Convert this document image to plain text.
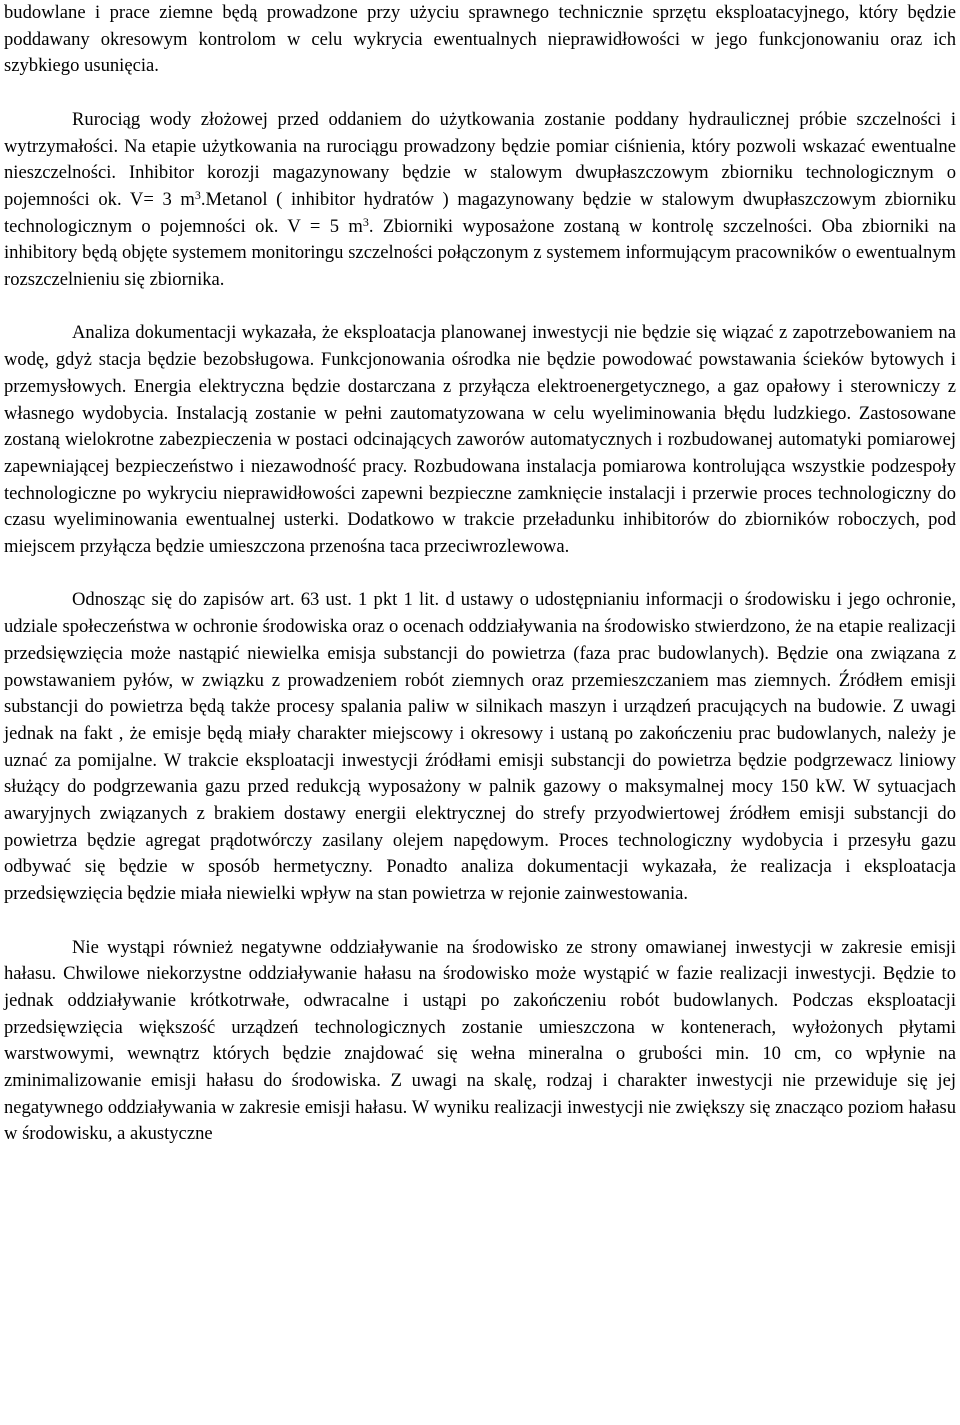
budowlane i prace ziemne będą prowadzone przy użyciu sprawnego technicznie sprzętu eksploatacyjnego, który będzie poddawany okresowym kontrolom w celu wykrycia ewentualnych nieprawidłowości w jego funkcjonowaniu oraz ich szybkiego usunięcia.

Rurociąg wody złożowej przed oddaniem do użytkowania zostanie poddany hydraulicznej próbie szczelności i wytrzymałości. Na etapie użytkowania na rurociągu prowadzony będzie pomiar ciśnienia, który pozwoli wskazać ewentualne nieszczelności. Inhibitor korozji magazynowany będzie w stalowym dwupłaszczowym zbiorniku technologicznym o pojemności ok. V= 3 $m^3.Metanol$ ( inhibitor hydratów ) magazynowany będzie w stalowym dwupłaszczowym zbiorniku technologicznym o pojemności ok. V = 5 $m^3$. Zbiorniki wyposażone zostaną w kontrolę szczelności. Oba zbiorniki na inhibitory będą objęte systemem monitoringu szczelności połączonym z systemem informującym pracowników o ewentualnym rozszczelnieniu się zbiornika.

Analiza dokumentacji wykazała, że eksploatacja planowanej inwestycji nie będzie się wiązać z zapotrzebowaniem na wodę, gdyż stacja będzie bezobsługowa. Funkcjonowania ośrodka nie będzie powodować powstawania ścieków bytowych i przemysłowych. Energia elektryczna będzie dostarczana z przyłącza elektroenergetycznego, a gaz opałowy i sterowniczy z własnego wydobycia. Instalacją zostanie w pełni zautomatyzowana w celu wyeliminowania błędu ludzkiego. Zastosowane zostaną wielokrotne zabezpieczenia w postaci odcinających zaworów automatycznych i rozbudowanej automatyki pomiarowej zapewniającej bezpieczeństwo i niezawodność pracy. Rozbudowana instalacja pomiarowa kontrolująca wszystkie podzespoły technologiczne po wykryciu nieprawidłowości zapewni bezpieczne zamknięcie instalacji i przerwie proces technologiczny do czasu wyeliminowania ewentualnej usterki. Dodatkowo w trakcie przeładunku inhibitorów do zbiorników roboczych, pod miejscem przyłącza będzie umieszczona przenośna taca przeciwrozlewowa.

Odnosząc się do zapisów art. 63 ust. 1 pkt 1 lit. d ustawy o udostępnianiu informacji o środowisku i jego ochronie, udziale społeczeństwa w ochronie środowiska oraz o ocenach oddziaływania na środowisko stwierdzono, że na etapie realizacji przedsięwzięcia może nastąpić niewielka emisja substancji do powietrza (faza prac budowlanych). Będzie ona związana z powstawaniem pyłów, w związku z prowadzeniem robót ziemnych oraz przemieszczaniem mas ziemnych. Źródłem emisji substancji do powietrza będą także procesy spalania paliw w silnikach maszyn i urządzeń pracujących na budowie. Z uwagi jednak na fakt , że emisje będą miały charakter miejscowy i okresowy i ustaną po zakończeniu prac budowlanych, należy je uznać za pomijalne. W trakcie eksploatacji inwestycji źródłami emisji substancji do powietrza będzie podgrzewacz liniowy służący do podgrzewania gazu przed redukcją wyposażony w palnik gazowy o maksymalnej mocy 150 kW. W sytuacjach awaryjnych związanych z brakiem dostawy energii elektrycznej do strefy przyodwiertowej źródłem emisji substancji do powietrza będzie agregat prądotwórczy zasilany olejem napędowym. Proces technologiczny wydobycia i przesyłu gazu odbywać się będzie w sposób hermetyczny. Ponadto analiza dokumentacji wykazała, że realizacja i eksploatacja przedsięwzięcia będzie miała niewielki wpływ na stan powietrza w rejonie zainwestowania.

Nie wystąpi również negatywne oddziaływanie na środowisko ze strony omawianej inwestycji w zakresie emisji hałasu. Chwilowe niekorzystne oddziaływanie hałasu na środowisko może wystąpić w fazie realizacji inwestycji. Będzie to jednak oddziaływanie krótkotrwałe, odwracalne i ustąpi po zakończeniu robót budowlanych. Podczas eksploatacji przedsięwzięcia większość urządzeń technologicznych zostanie umieszczona w kontenerach, wyłożonych płytami warstwowymi, wewnątrz których będzie znajdować się wełna mineralna o grubości min. 10 cm, co wpłynie na zminimalizowanie emisji hałasu do środowiska. Z uwagi na skalę, rodzaj i charakter inwestycji nie przewiduje się jej negatywnego oddziaływania w zakresie emisji hałasu. W wyniku realizacji inwestycji nie zwiększy się znacząco poziom hałasu w środowisku, a akustyczne
